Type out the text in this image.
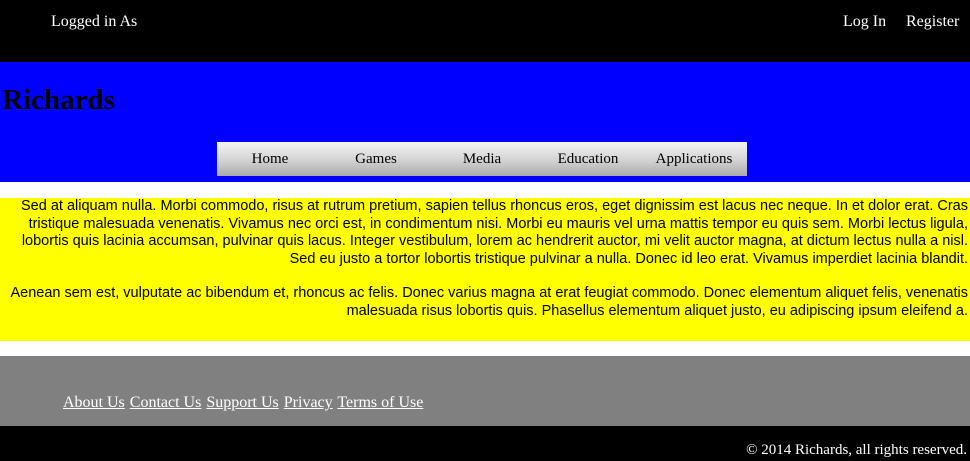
Logged in As	Log In Register
Richards
Home	Games	Media	Education	Applications

Sed at aliquam nulla. Morbi commodo, risus at rutrum pretium, sapien tellus rhoncus eros, eget dignissim est lacus nec neque. In et dolor erat. Cras tristique malesuada venenatis. Vivamus nec orci est, in condimentum nisi. Morbi eu mauris vel urna mattis tempor eu quis sem. Morbi lectus ligula, lobortis quis lacinia accumsan, pulvinar quis lacus. Integer vestibulum, lorem ac hendrerit auctor, mi velit auctor magna, at dictum lectus nulla a nisl. Sed eu justo a tortor lobortis tristique pulvinar a nulla. Donec id leo erat. Vivamus imperdiet lacinia blandit.

Aenean sem est, vulputate ac bibendum et, rhoncus ac felis. Donec varius magna at erat feugiat commodo. Donec elementum aliquet felis, venenatis malesuada risus lobortis quis. Phasellus elementum aliquet justo, eu adipiscing ipsum eleifend a.

About Us Contact Us Support Us Privacy Terms of Use
© 2014 Richards, all rights reserved.
